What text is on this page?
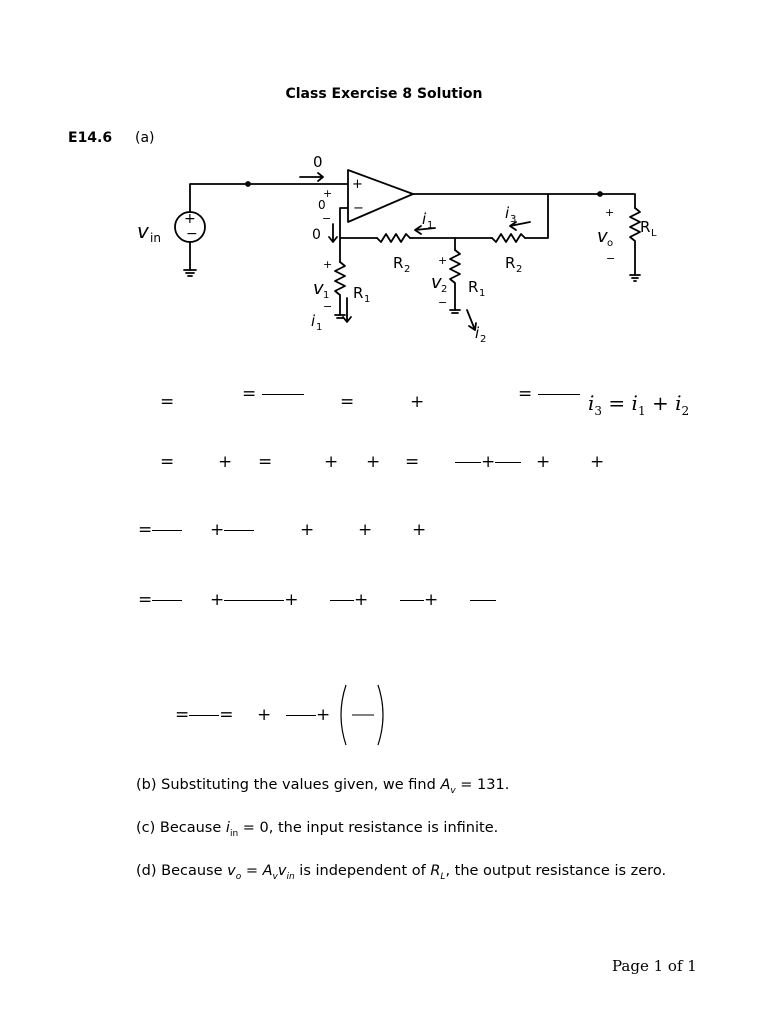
Class Exercise 8 Solution
E14.6 (a)
+
−
v in
0
+
0
−
0
+
−
i 1
i 3
R 2	R 2
R L
+
v o
−
+
v 1
−
i 1
R 1
+
v 2
−
R 1
i 2
=	=	=	+	=	$i_3 = i_1 + i_2$
=	+ =	+ + =	+	+ +
=	+	+	+ +
=	+	+	+	+
= = +	+
(b) Substituting the values given, we find $A_v = 131$.
(c) Because $i_{in} = 0$, the input resistance is infinite.
(d) Because $v_o = A_vv_{in}$ is independent of $R_L$, the output resistance is zero.
Page 1 of 1
